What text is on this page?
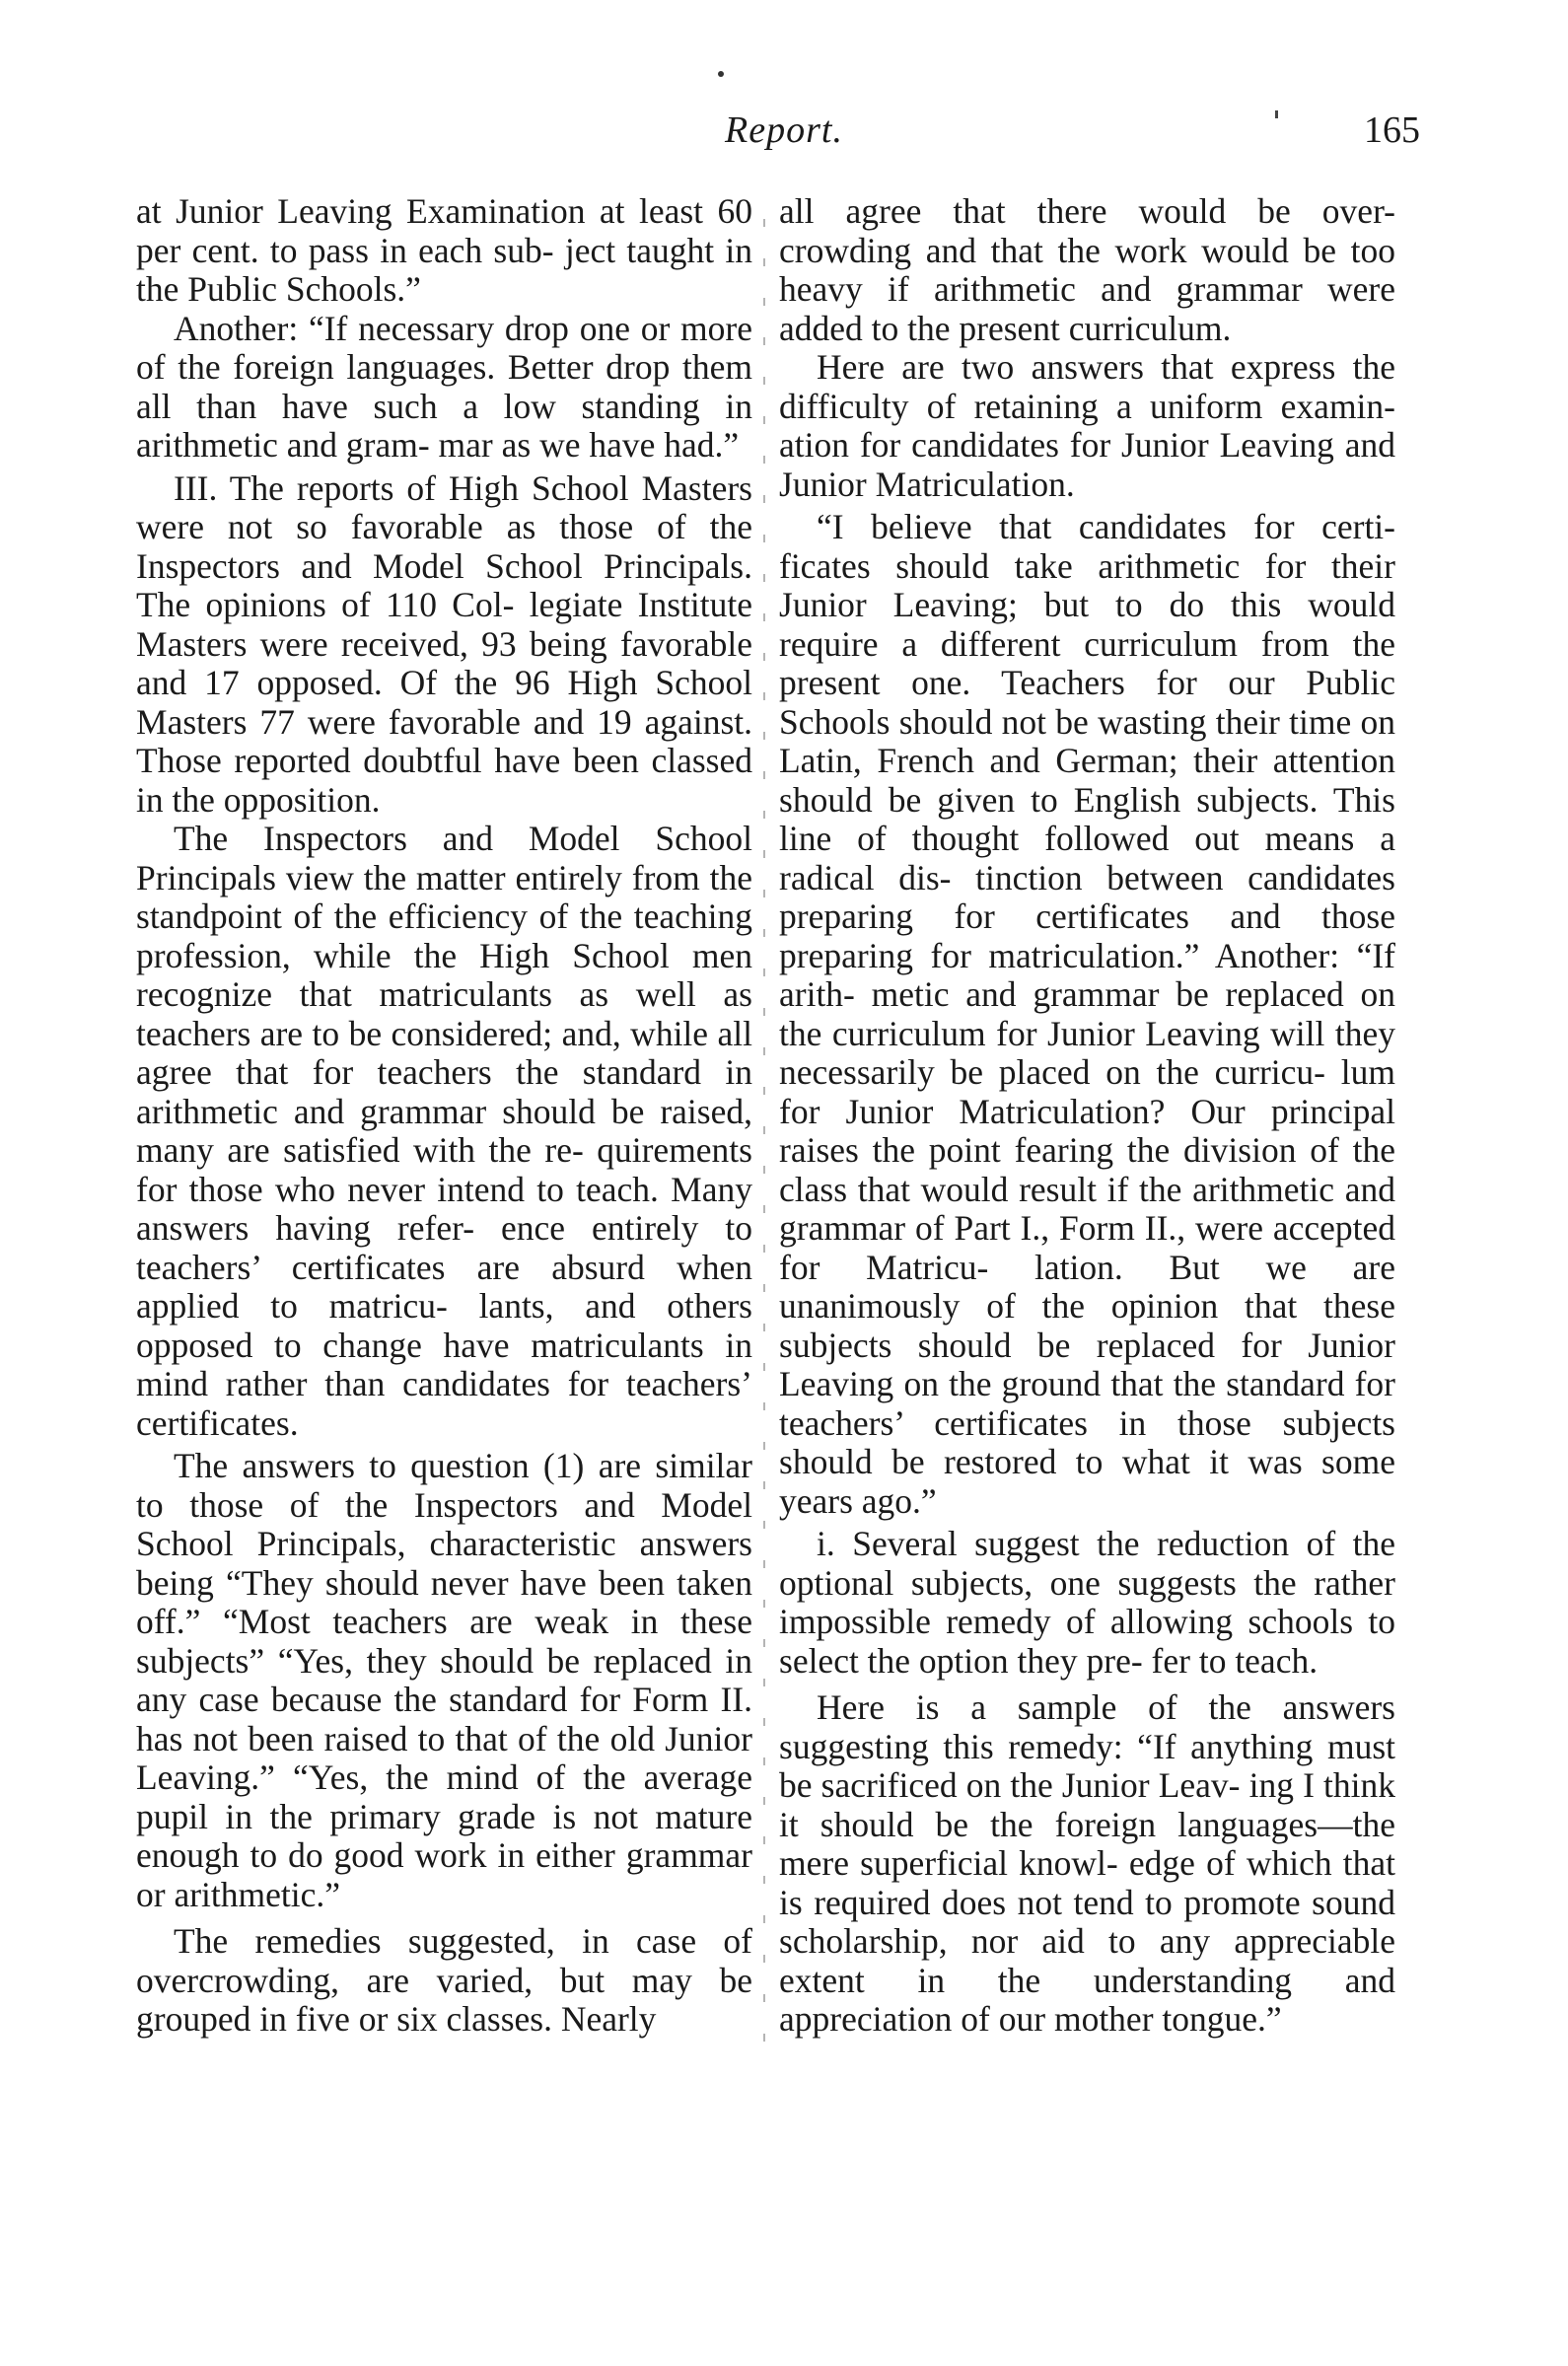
Report.	165

at Junior Leaving Examination at least 60 per cent. to pass in each sub- ject taught in the Public Schools.”

Another: “If necessary drop one or more of the foreign languages. Better drop them all than have such a low standing in arithmetic and gram- mar as we have had.”

III. The reports of High School Masters were not so favorable as those of the Inspectors and Model School Principals. The opinions of 110 Col- legiate Institute Masters were received, 93 being favorable and 17 opposed. Of the 96 High School Masters 77 were favorable and 19 against. Those reported doubtful have been classed in the opposition.

The Inspectors and Model School Principals view the matter entirely from the standpoint of the efficiency of the teaching profession, while the High School men recognize that matriculants as well as teachers are to be considered; and, while all agree that for teachers the standard in arithmetic and grammar should be raised, many are satisfied with the re- quirements for those who never intend to teach. Many answers having refer- ence entirely to teachers’ certificates are absurd when applied to matricu- lants, and others opposed to change have matriculants in mind rather than candidates for teachers’ certificates.

The answers to question (1) are similar to those of the Inspectors and Model School Principals, characteristic answers being “They should never have been taken off.” “Most teachers are weak in these subjects” “Yes, they should be replaced in any case because the standard for Form II. has not been raised to that of the old Junior Leaving.” “Yes, the mind of the average pupil in the primary grade is not mature enough to do good work in either grammar or arithmetic.”

The remedies suggested, in case of overcrowding, are varied, but may be grouped in five or six classes. Nearly

all agree that there would be over- crowding and that the work would be too heavy if arithmetic and grammar were added to the present curriculum.

Here are two answers that express the difficulty of retaining a uniform examin- ation for candidates for Junior Leaving and Junior Matriculation.

“I believe that candidates for certi- ficates should take arithmetic for their Junior Leaving; but to do this would require a different curriculum from the present one. Teachers for our Public Schools should not be wasting their time on Latin, French and German; their attention should be given to English subjects. This line of thought followed out means a radical dis- tinction between candidates preparing for certificates and those preparing for matriculation.” Another: “If arith- metic and grammar be replaced on the curriculum for Junior Leaving will they necessarily be placed on the curricu- lum for Junior Matriculation? Our principal raises the point fearing the division of the class that would result if the arithmetic and grammar of Part I., Form II., were accepted for Matricu- lation. But we are unanimously of the opinion that these subjects should be replaced for Junior Leaving on the ground that the standard for teachers’ certificates in those subjects should be restored to what it was some years ago.”

i. Several suggest the reduction of the optional subjects, one suggests the rather impossible remedy of allowing schools to select the option they pre- fer to teach.

Here is a sample of the answers suggesting this remedy: “If anything must be sacrificed on the Junior Leav- ing I think it should be the foreign languages—the mere superficial knowl- edge of which that is required does not tend to promote sound scholarship, nor aid to any appreciable extent in the understanding and appreciation of our mother tongue.”
